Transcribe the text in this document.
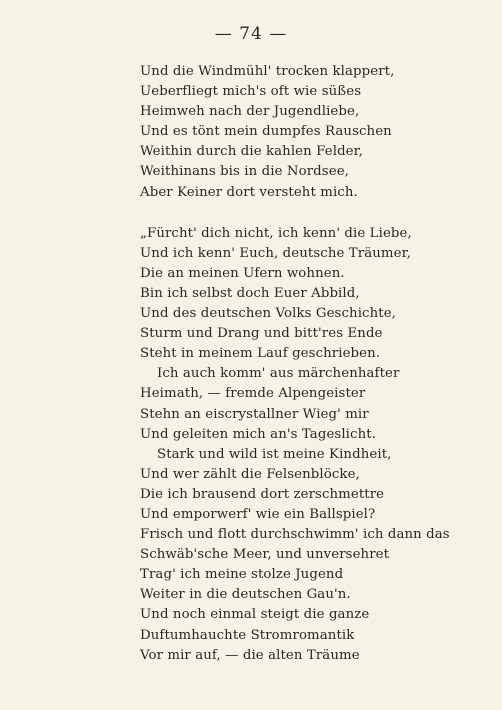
— 74 —
Und die Windmühl' trocken klappert,
Ueberfliegt mich's oft wie süßes
Heimweh nach der Jugendliebe,
Und es tönt mein dumpfes Rauschen
Weithin durch die kahlen Felder,
Weithinans bis in die Nordsee,
Aber Keiner dort versteht mich.
„Fürcht' dich nicht, ich kenn' die Liebe,
Und ich kenn' Euch, deutsche Träumer,
Die an meinen Ufern wohnen.
Bin ich selbst doch Euer Abbild,
Und des deutschen Volks Geschichte,
Sturm und Drang und bitt'res Ende
Steht in meinem Lauf geschrieben.
Ich auch komm' aus märchenhafter
Heimath, — fremde Alpengeister
Stehn an eiscrystallner Wieg' mir
Und geleiten mich an's Tageslicht.
Stark und wild ist meine Kindheit,
Und wer zählt die Felsenblöcke,
Die ich brausend dort zerschmettre
Und emporwerf' wie ein Ballspiel?
Frisch und flott durchschwimm' ich dann das
Schwäb'sche Meer, und unversehret
Trag' ich meine stolze Jugend
Weiter in die deutschen Gau'n.
Und noch einmal steigt die ganze
Duftumhauchte Stromromantik
Vor mir auf, — die alten Träume
